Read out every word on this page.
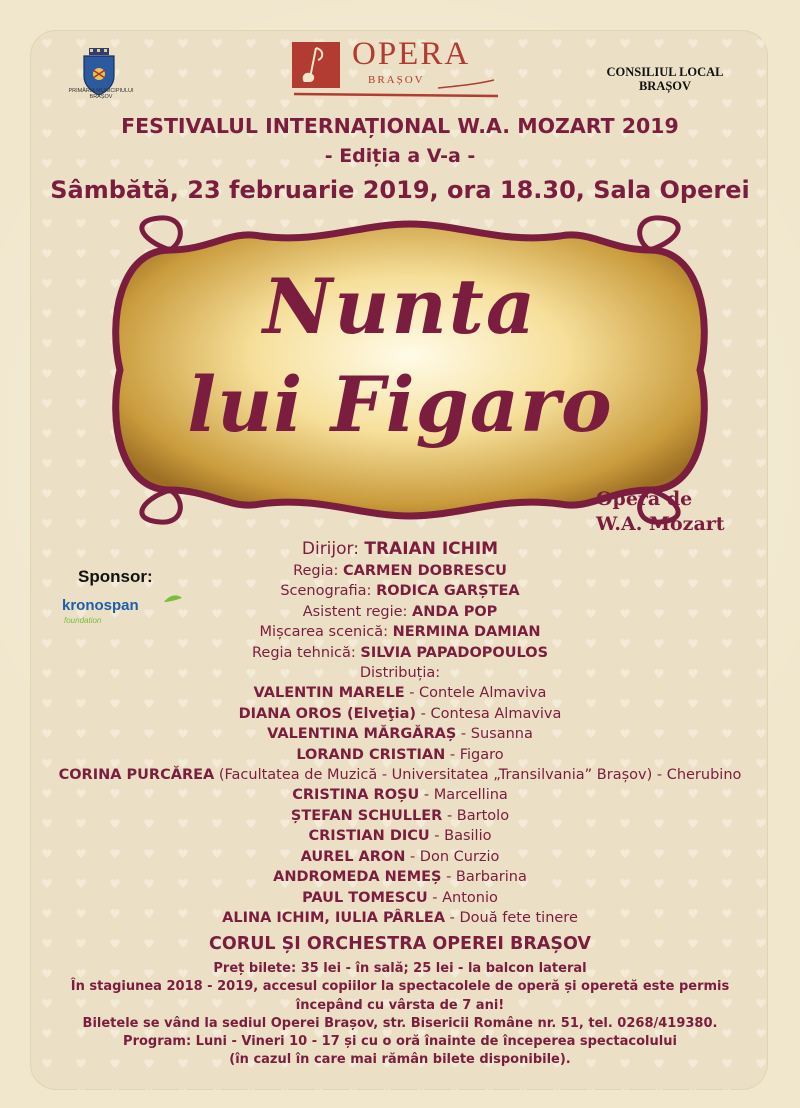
PRIMĂRIA MUNICIPIULUI BRAȘOV
OPERA
BRAȘOV
CONSILIUL LOCAL
BRAȘOV
FESTIVALUL INTERNAȚIONAL W.A. MOZART 2019
- Ediția a V-a -
Sâmbătă, 23 februarie 2019, ora 18.30, Sala Operei
Nunta
lui Figaro
Operă de

W.A. Mozart
Sponsor:
kronospan
foundation
Dirijor: TRAIAN ICHIM
Regia: CARMEN DOBRESCU
Scenografia: RODICA GARȘTEA
Asistent regie: ANDA POP
Mișcarea scenică: NERMINA DAMIAN
Regia tehnică: SILVIA PAPADOPOULOS
Distribuția:
VALENTIN MARELE - Contele Almaviva
DIANA OROS (Elveţia) - Contesa Almaviva
VALENTINA MĂRGĂRAȘ - Susanna
LORAND CRISTIAN - Figaro
CORINA PURCĂREA (Facultatea de Muzică - Universitatea „Transilvania” Brașov) - Cherubino
CRISTINA ROȘU - Marcellina
ȘTEFAN SCHULLER - Bartolo
CRISTIAN DICU - Basilio
AUREL ARON - Don Curzio
ANDROMEDA NEMEȘ - Barbarina
PAUL TOMESCU - Antonio
ALINA ICHIM, IULIA PÂRLEA - Două fete tinere
CORUL ȘI ORCHESTRA OPEREI BRAȘOV
Preț bilete: 35 lei - în sală; 25 lei - la balcon lateral
În stagiunea 2018 - 2019, accesul copiilor la spectacolele de operă și operetă este permis
începând cu vârsta de 7 ani!
Biletele se vând la sediul Operei Brașov, str. Bisericii Române nr. 51, tel. 0268/419380.
Program: Luni - Vineri 10 - 17 și cu o oră înainte de începerea spectacolului
(în cazul în care mai rămân bilete disponibile).
